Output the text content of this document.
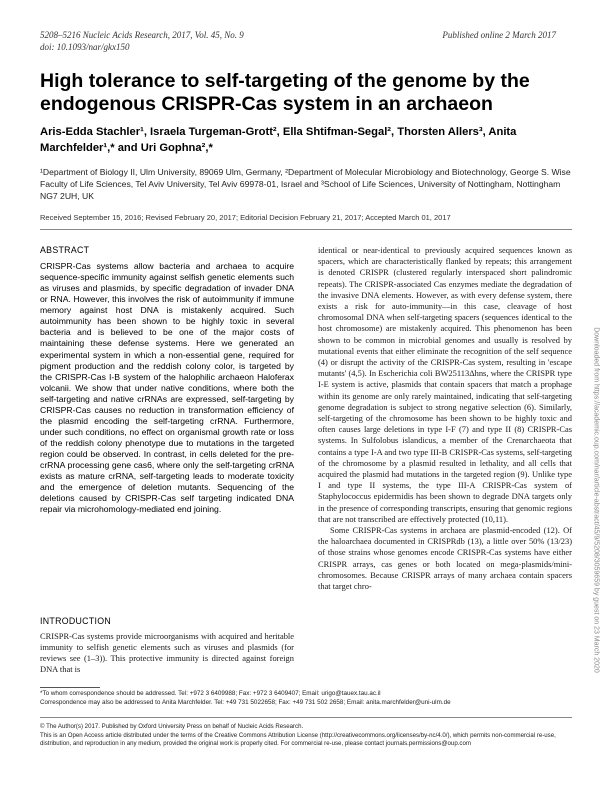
5208–5216 Nucleic Acids Research, 2017, Vol. 45, No. 9	Published online 2 March 2017
doi: 10.1093/nar/gkx150
High tolerance to self-targeting of the genome by the endogenous CRISPR-Cas system in an archaeon
Aris-Edda Stachler¹, Israela Turgeman-Grott², Ella Shtifman-Segal², Thorsten Allers³, Anita Marchfelder¹,* and Uri Gophna²,*
¹Department of Biology II, Ulm University, 89069 Ulm, Germany, ²Department of Molecular Microbiology and Biotechnology, George S. Wise Faculty of Life Sciences, Tel Aviv University, Tel Aviv 69978-01, Israel and ³School of Life Sciences, University of Nottingham, Nottingham NG7 2UH, UK
Received September 15, 2016; Revised February 20, 2017; Editorial Decision February 21, 2017; Accepted March 01, 2017
ABSTRACT

CRISPR-Cas systems allow bacteria and archaea to acquire sequence-specific immunity against selfish genetic elements such as viruses and plasmids, by specific degradation of invader DNA or RNA. However, this involves the risk of autoimmunity if immune memory against host DNA is mistakenly acquired. Such autoimmunity has been shown to be highly toxic in several bacteria and is believed to be one of the major costs of maintaining these defense systems. Here we generated an experimental system in which a non-essential gene, required for pigment production and the reddish colony color, is targeted by the CRISPR-Cas I-B system of the halophilic archaeon Haloferax volcanii. We show that under native conditions, where both the self-targeting and native crRNAs are expressed, self-targeting by CRISPR-Cas causes no reduction in transformation efficiency of the plasmid encoding the self-targeting crRNA. Furthermore, under such conditions, no effect on organismal growth rate or loss of the reddish colony phenotype due to mutations in the targeted region could be observed. In contrast, in cells deleted for the pre-crRNA processing gene cas6, where only the self-targeting crRNA exists as mature crRNA, self-targeting leads to moderate toxicity and the emergence of deletion mutants. Sequencing of the deletions caused by CRISPR-Cas self targeting indicated DNA repair via microhomology-mediated end joining.

INTRODUCTION

CRISPR-Cas systems provide microorganisms with acquired and heritable immunity to selfish genetic elements such as viruses and plasmids (for reviews see (1–3)). This protective immunity is directed against foreign DNA that is

identical or near-identical to previously acquired sequences known as spacers, which are characteristically flanked by repeats; this arrangement is denoted CRISPR (clustered regularly interspaced short palindromic repeats). The CRISPR-associated Cas enzymes mediate the degradation of the invasive DNA elements. However, as with every defense system, there exists a risk for auto-immunity—in this case, cleavage of host chromosomal DNA when self-targeting spacers (sequences identical to the host chromosome) are mistakenly acquired. This phenomenon has been shown to be common in microbial genomes and usually is resolved by mutational events that either eliminate the recognition of the self sequence (4) or disrupt the activity of the CRISPR-Cas system, resulting in 'escape mutants' (4,5). In Escherichia coli BW25113Δhns, where the CRISPR type I-E system is active, plasmids that contain spacers that match a prophage within its genome are only rarely maintained, indicating that self-targeting genome degradation is subject to strong negative selection (6). Similarly, self-targeting of the chromosome has been shown to be highly toxic and often causes large deletions in type I-F (7) and type II (8) CRISPR-Cas systems. In Sulfolobus islandicus, a member of the Crenarchaeota that contains a type I-A and two type III-B CRISPR-Cas systems, self-targeting of the chromosome by a plasmid resulted in lethality, and all cells that acquired the plasmid had mutations in the targeted region (9). Unlike type I and type II systems, the type III-A CRISPR-Cas system of Staphylococcus epidermidis has been shown to degrade DNA targets only in the presence of corresponding transcripts, ensuring that genomic regions that are not transcribed are effectively protected (10,11).

Some CRISPR-Cas systems in archaea are plasmid-encoded (12). Of the haloarchaea documented in CRISPRdb (13), a little over 50% (13/23) of those strains whose genomes encode CRISPR-Cas systems have either CRISPR arrays, cas genes or both located on mega-plasmids/mini-chromosomes. Because CRISPR arrays of many archaea contain spacers that target chro-

*To whom correspondence should be addressed. Tel: +972 3 6409988; Fax: +972 3 6409407; Email: urigo@tauex.tau.ac.il
Correspondence may also be addressed to Anita Marchfelder. Tel: +49 731 5022658; Fax: +49 731 502 2658; Email: anita.marchfelder@uni-ulm.de
© The Author(s) 2017. Published by Oxford University Press on behalf of Nucleic Acids Research.
This is an Open Access article distributed under the terms of the Creative Commons Attribution License (http://creativecommons.org/licenses/by-nc/4.0/), which permits non-commercial re-use, distribution, and reproduction in any medium, provided the original work is properly cited. For commercial re-use, please contact journals.permissions@oup.com
Downloaded from https://academic.oup.com/nar/article-abstract/45/9/5208/3059659 by guest on 23 March 2020
